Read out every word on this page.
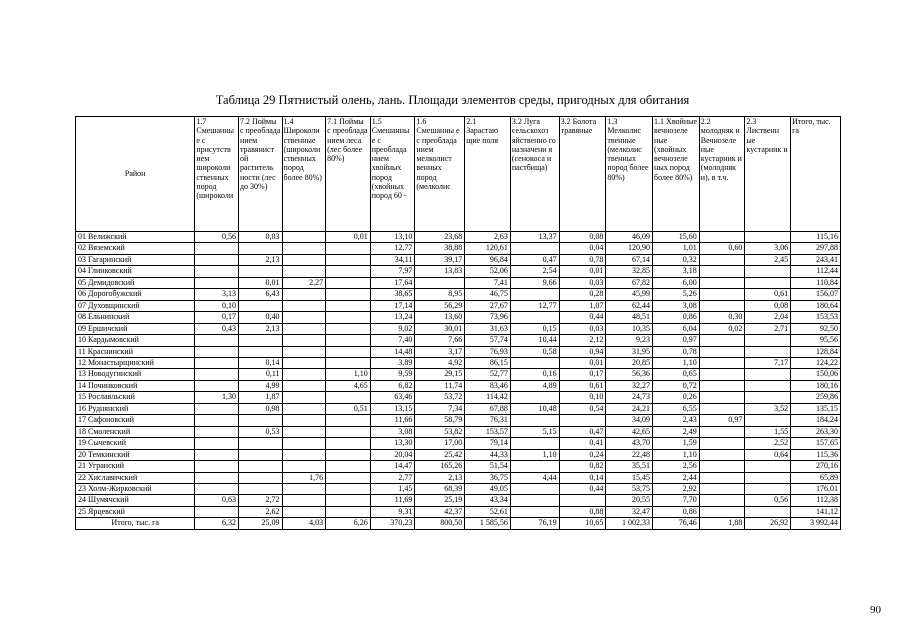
Таблица 29 Пятнистый олень, лань. Площади элементов среды, пригодных для обитания
Район	1.7 Смешанны е с присутств ием широколи ственных пород (широколи	7.2 Поймы с преоблада нием травянист ой раститель ности (лес до 30%)	1.4 Широколи ственные (широколи ственных пород более 80%)	7.1 Поймы с преоблада нием леса (лес более 80%)	1.5 Смешанны е с преоблада нием хвойных пород (хвойных пород 60 -	1.6 Смешанны е с преоблада нием мелколист венных пород (мелколис	2.1 Зарастаю щие поля	3.2 Луга сельскохоз яйственно го назначени я (сенокоса и пастбища)	3.2 Болота травяные	1.3 Мелколис твенные (мелколис твенных пород более 80%)	1.1 Хвойные вечнозеле ные (хвойных вечнозеле ных пород более 80%)	2.2 молодняк и Вечнозеле ные кустарник и (молодняк и), в т.ч.	2.3 Лиственн ые кустарник и	Итого, тыс. га

01 Велижский	0,56	0,03		0,01	13,10	23,68	2,63	13,37	0,08	46,09	15,60			115,16
02 Вяземский					12,77	38,88	120,61		0,04	120,90	1,01	0,60	3,06	297,88
03 Гагаринский		2,13			34,11	39,17	96,84	0,47	0,78	67,14	0,32		2,45	243,41
04 Глинковский					7,97	13,83	52,06	2,54	0,01	32,85	3,18			112,44
05 Демидовский		0,01	2,27		17,64		7,41	9,66	0,03	67,82	6,00			110,84
06 Дорогобужский	3,13	6,43			38,65	8,95	46,75		0,28	45,99	5,26		0,61	156,07
07 Духовщинский	0,10				17,14	56,29	27,67	12,77	1,07	62,44	3,08		0,08	180,64
08 Ельнинский	0,17	0,40			13,24	13,60	73,96		0,44	48,51	0,86	0,30	2,04	153,53
09 Ершичский	0,43	2,13			9,02	30,01	31,63	0,15	0,03	10,35	6,04	0,02	2,71	92,50
10 Кардымовский					7,40	7,66	57,74	10,44	2,12	9,23	0,97			95,56
11 Краснинский					14,48	3,17	76,93	0,58	0,94	31,95	0,78			128,84
12 Монастырщинский		0,14			3,89	4,92	86,15		0,01	20,85	1,10		7,17	124,22
13 Новодугинский		0,11		1,10	9,59	29,15	52,77	0,16	0,17	56,36	0,65			150,06
14 Починковский		4,99		4,65	6,82	11,74	83,46	4,89	0,61	32,27	0,72			180,16
15 Рославльский	1,30	1,87			63,46	53,72	114,42		0,10	24,73	0,26			259,86
16 Руднянский		0,98		0,51	13,15	7,34	67,88	10,48	0,54	24,21	6,55		3,52	135,15
17 Сафоновский					11,66	58,79	76,31			34,09	2,43	0,97		184,24
18 Смоленский		0,53			3,08	53,82	153,57	5,15	0,47	42,65	2,49		1,55	263,30
19 Сычевский					13,30	17,00	79,14		0,41	43,70	1,59		2,52	157,65
20 Темкинский					20,04	25,42	44,33	1,10	0,24	22,48	1,10		0,64	115,36
21 Угранский					14,47	165,26	51,54		0,82	35,51	2,56			270,16
22 Хиславичский			1,76		2,77	2,13	36,75	4,44	0,14	15,45	2,44			65,89
23 Холм-Жирковский					1,45	68,39	49,05		0,44	53,75	2,92			176,01
24 Шумячский	0,63	2,72			11,69	25,19	43,34			20,55	7,70		0,56	112,38
25 Ярцевский		2,62			9,31	42,37	52,61		0,88	32,47	0,86			141,12
Итого, тыс. га	6,32	25,09	4,03	6,26	370,23	800,50	1 585,56	76,19	10,65	1 002,33	76,46	1,88	26,92	3 992,44
90
